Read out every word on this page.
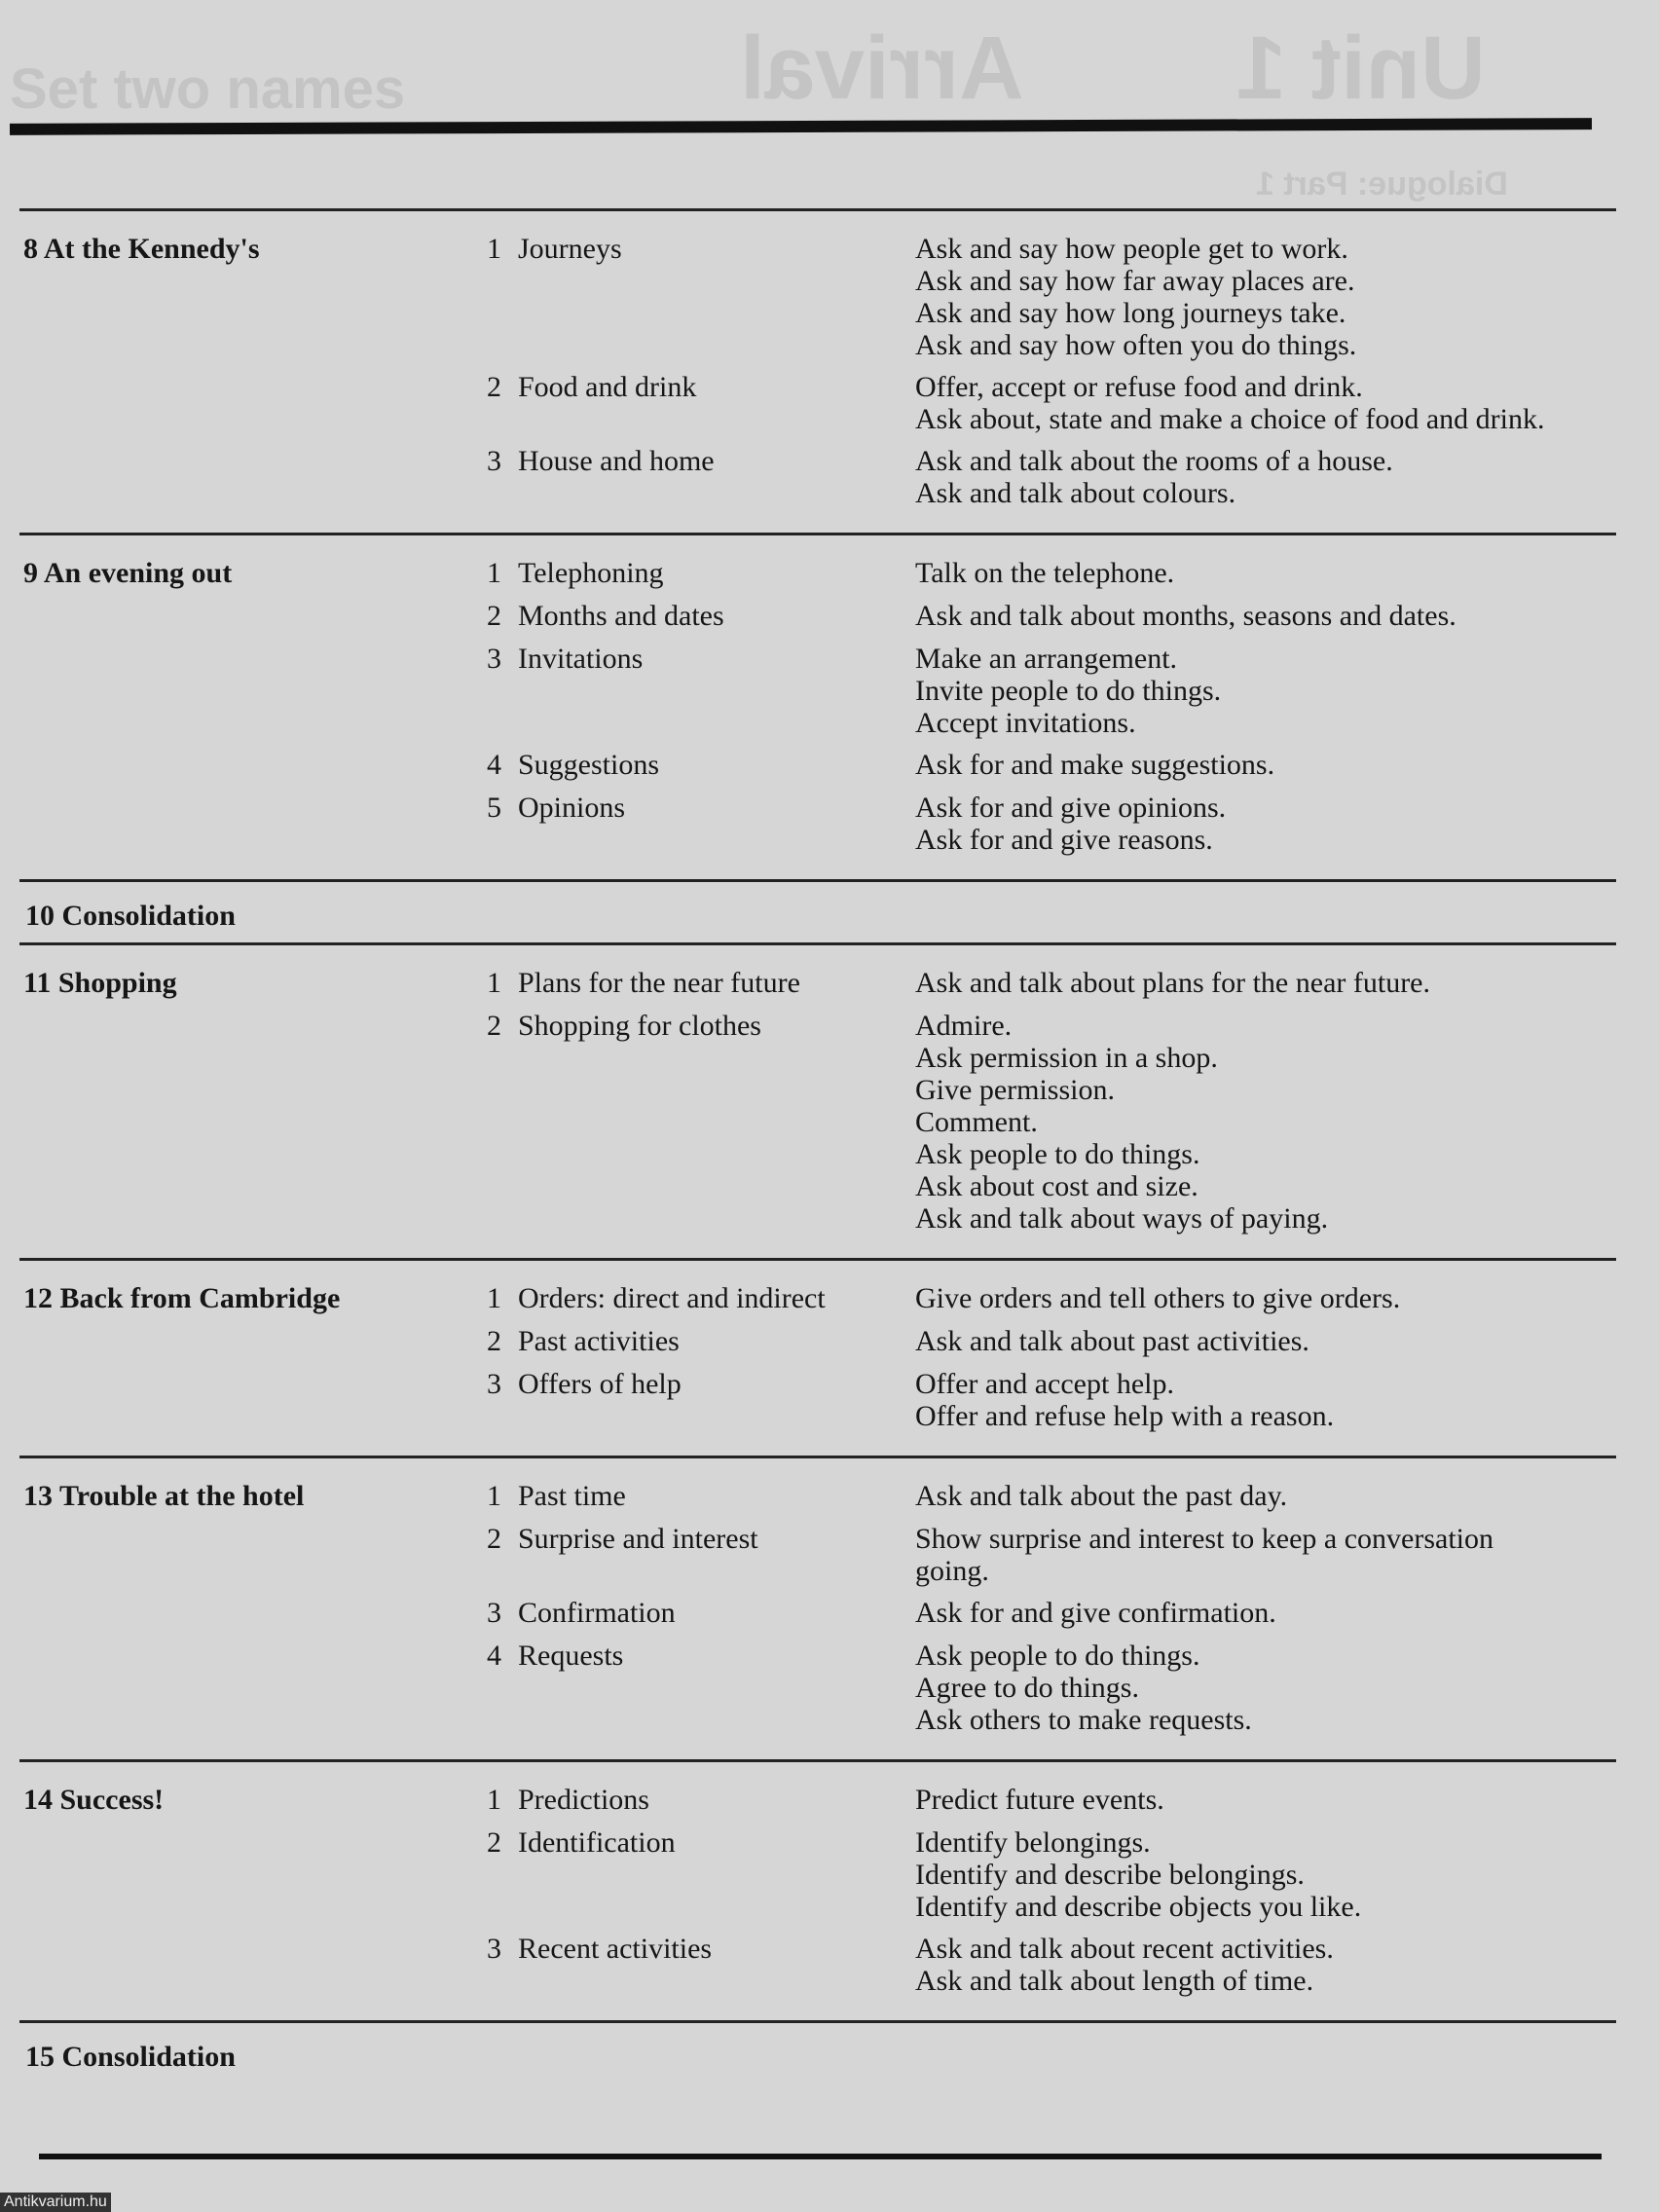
Unit 1
Arrival
Set two names
Dialogue: Part 1
8 At the Kennedy's	1 Journeys	Ask and say how people get to work.
Ask and say how far away places are.
Ask and say how long journeys take.
Ask and say how often you do things.
2 Food and drink	Offer, accept or refuse food and drink.
Ask about, state and make a choice of food and drink.
3 House and home	Ask and talk about the rooms of a house.
Ask and talk about colours.
9 An evening out	1 Telephoning	Talk on the telephone.
2 Months and dates	Ask and talk about months, seasons and dates.
3 Invitations	Make an arrangement.
Invite people to do things.
Accept invitations.
4 Suggestions	Ask for and make suggestions.
5 Opinions	Ask for and give opinions.
Ask for and give reasons.
10 Consolidation
11 Shopping	1 Plans for the near future	Ask and talk about plans for the near future.
2 Shopping for clothes	Admire.
Ask permission in a shop.
Give permission.
Comment.
Ask people to do things.
Ask about cost and size.
Ask and talk about ways of paying.
12 Back from Cambridge	1 Orders: direct and indirect	Give orders and tell others to give orders.
2 Past activities	Ask and talk about past activities.
3 Offers of help	Offer and accept help.
Offer and refuse help with a reason.
13 Trouble at the hotel	1 Past time	Ask and talk about the past day.
2 Surprise and interest	Show surprise and interest to keep a conversation
going.
3 Confirmation	Ask for and give confirmation.
4 Requests	Ask people to do things.
Agree to do things.
Ask others to make requests.
14 Success!	1 Predictions	Predict future events.
2 Identification	Identify belongings.
Identify and describe belongings.
Identify and describe objects you like.
3 Recent activities	Ask and talk about recent activities.
Ask and talk about length of time.
15 Consolidation
Antikvarium.hu
